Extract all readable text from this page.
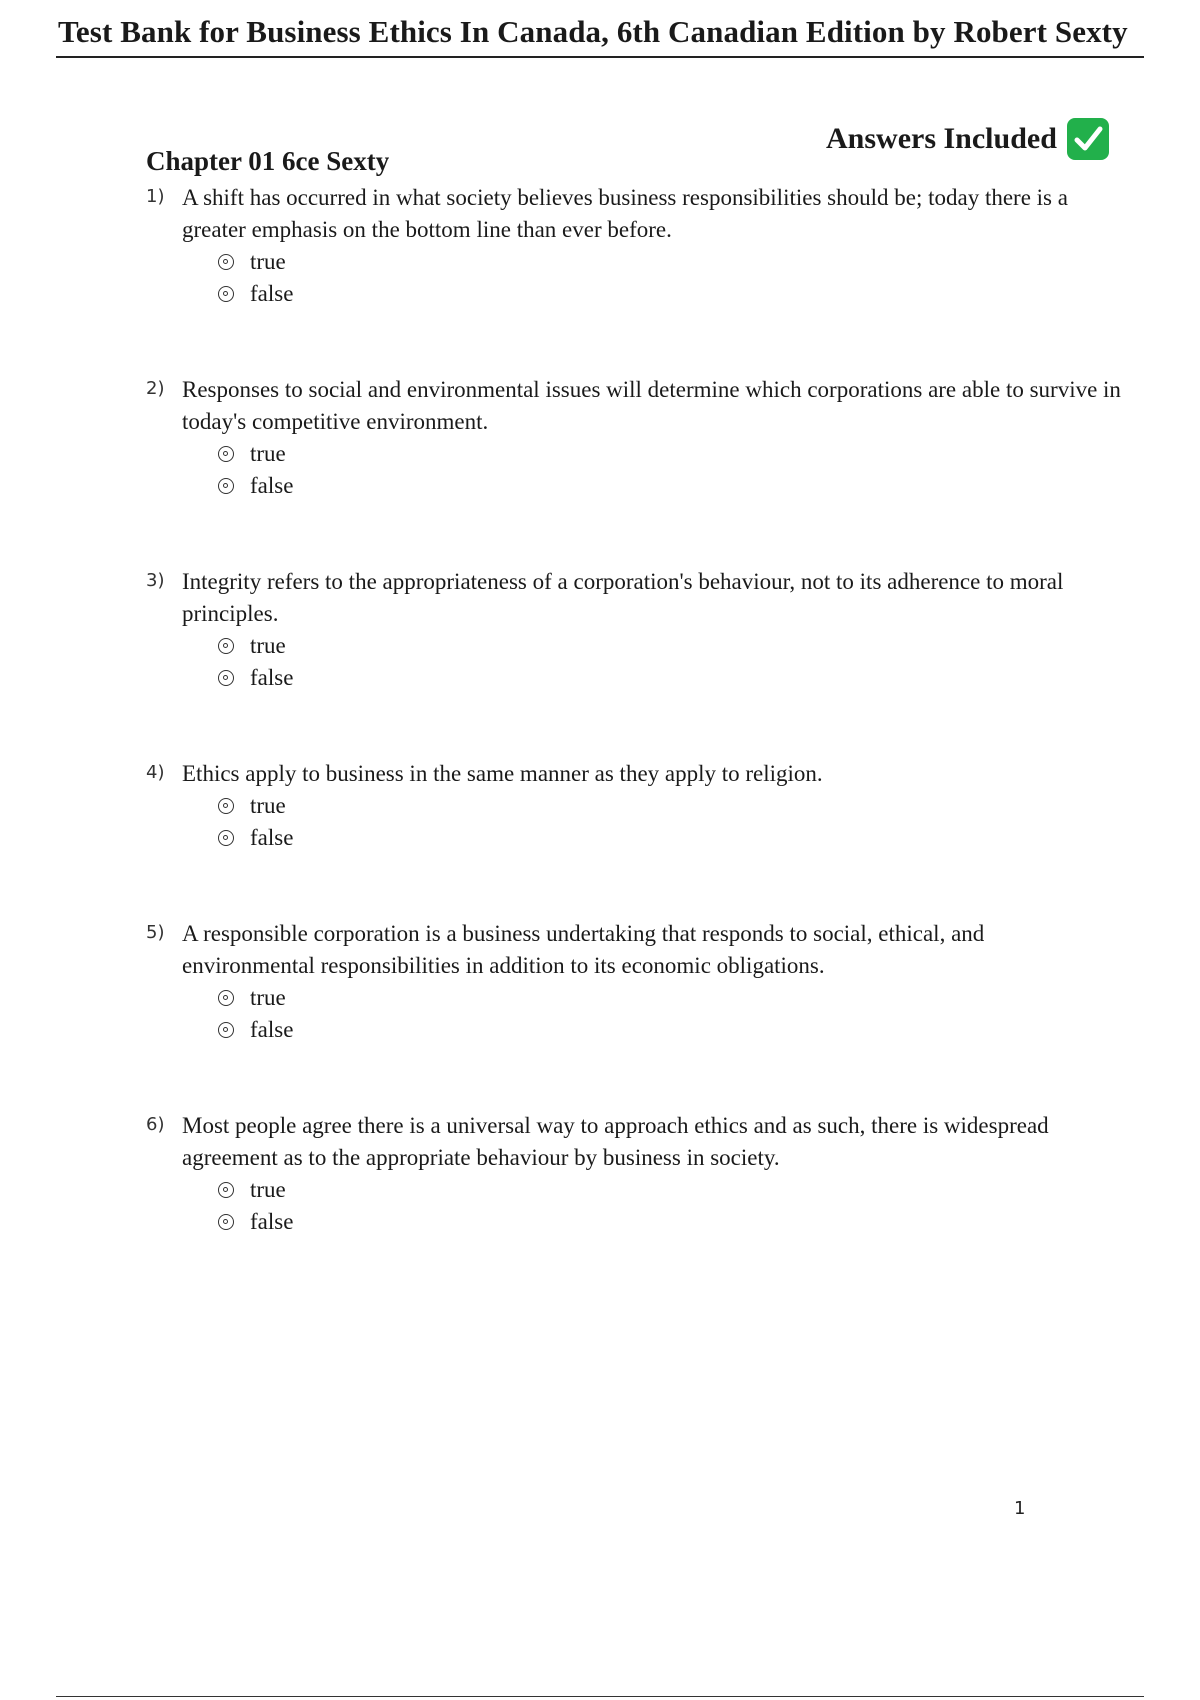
Test Bank for Business Ethics In Canada, 6th Canadian Edition by Robert Sexty
Answers Included
Chapter 01 6ce Sexty
1) A shift has occurred in what society believes business responsibilities should be; today there is a greater emphasis on the bottom line than ever before.
true
false
2) Responses to social and environmental issues will determine which corporations are able to survive in today's competitive environment.
true
false
3) Integrity refers to the appropriateness of a corporation's behaviour, not to its adherence to moral principles.
true
false
4) Ethics apply to business in the same manner as they apply to religion.
true
false
5) A responsible corporation is a business undertaking that responds to social, ethical, and environmental responsibilities in addition to its economic obligations.
true
false
6) Most people agree there is a universal way to approach ethics and as such, there is widespread agreement as to the appropriate behaviour by business in society.
true
false
1
